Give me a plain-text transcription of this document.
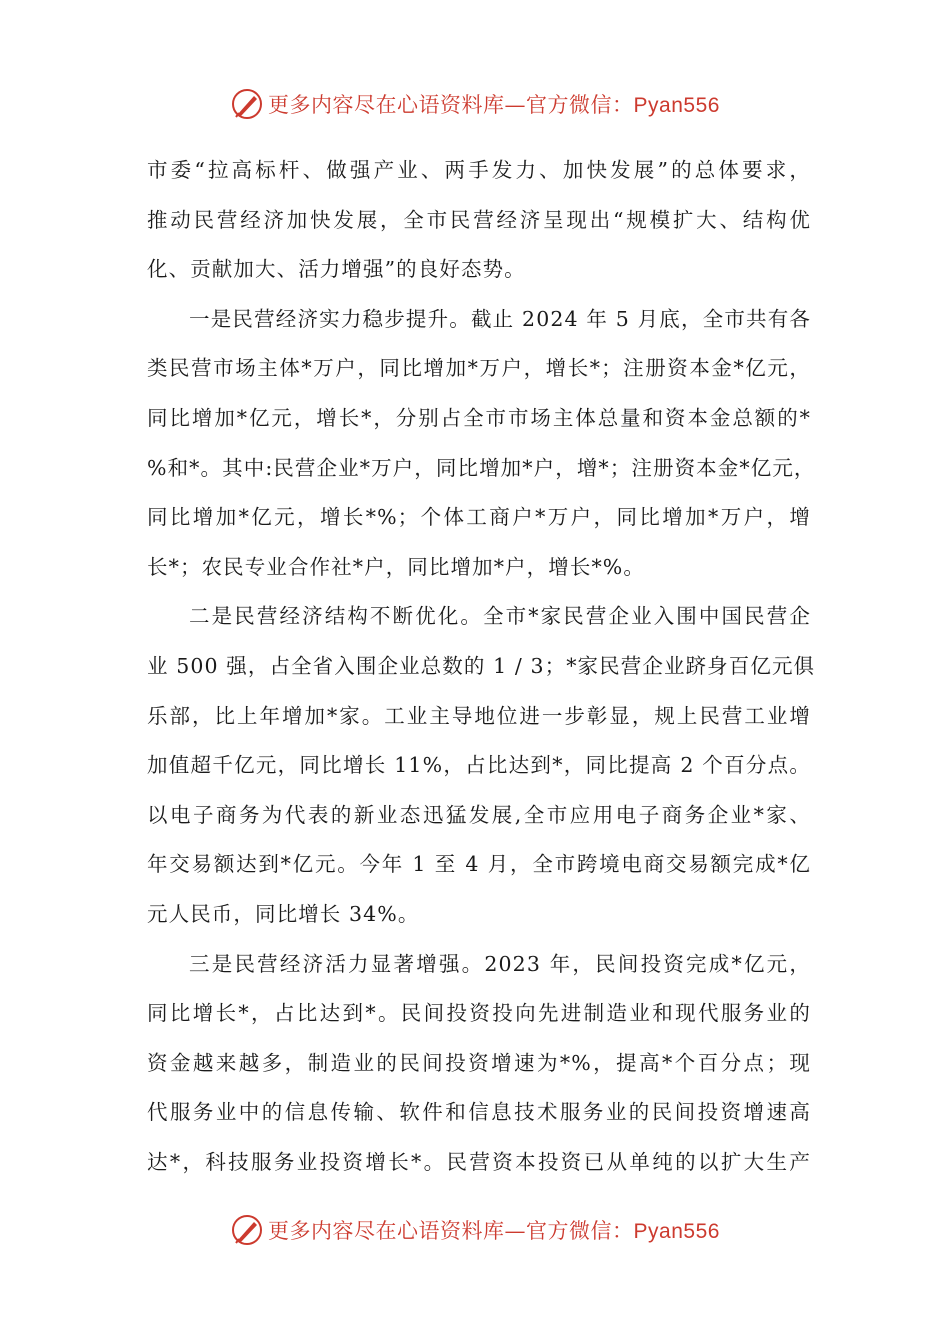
更多内容尽在心语资料库—官方微信：Pyan556
市委“拉高标杆、做强产业、两手发力、加快发展”的总体要求，
推动民营经济加快发展，全市民营经济呈现出“规模扩大、结构优
化、贡献加大、活力增强”的良好态势。
一是民营经济实力稳步提升。截止 2024 年 5 月底，全市共有各
类民营市场主体*万户，同比增加*万户，增长*；注册资本金*亿元，
同比增加*亿元，增长*，分别占全市市场主体总量和资本金总额的*
%和*。其中:民营企业*万户，同比增加*户，增*；注册资本金*亿元，
同比增加*亿元，增长*%；个体工商户*万户，同比增加*万户，增
长*；农民专业合作社*户，同比增加*户，增长*%。
二是民营经济结构不断优化。全市*家民营企业入围中国民营企
业 500 强，占全省入围企业总数的 1 / 3；*家民营企业跻身百亿元俱
乐部，比上年增加*家。工业主导地位进一步彰显，规上民营工业增
加值超千亿元，同比增长 11%，占比达到*，同比提高 2 个百分点。
以电子商务为代表的新业态迅猛发展,全市应用电子商务企业*家、
年交易额达到*亿元。今年 1 至 4 月，全市跨境电商交易额完成*亿
元人民币，同比增长 34%。
三是民营经济活力显著增强。2023 年，民间投资完成*亿元，
同比增长*，占比达到*。民间投资投向先进制造业和现代服务业的
资金越来越多，制造业的民间投资增速为*%，提高*个百分点；现
代服务业中的信息传输、软件和信息技术服务业的民间投资增速高
达*，科技服务业投资增长*。民营资本投资已从单纯的以扩大生产
更多内容尽在心语资料库—官方微信：Pyan556
